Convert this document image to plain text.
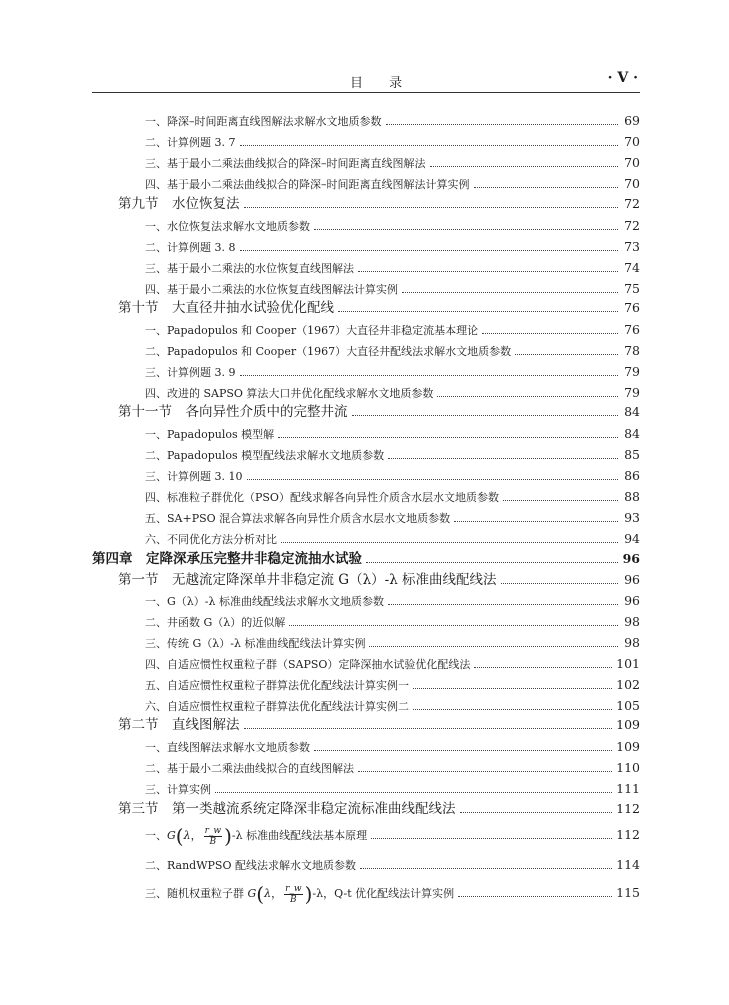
目 录	· V ·
一、降深–时间距离直线图解法求解水文地质参数	69
二、计算例题 3. 7	70
三、基于最小二乘法曲线拟合的降深–时间距离直线图解法	70
四、基于最小二乘法曲线拟合的降深–时间距离直线图解法计算实例	70
第九节　水位恢复法	72
一、水位恢复法求解水文地质参数	72
二、计算例题 3. 8	73
三、基于最小二乘法的水位恢复直线图解法	74
四、基于最小二乘法的水位恢复直线图解法计算实例	75
第十节　大直径井抽水试验优化配线	76
一、Papadopulos 和 Cooper（1967）大直径井非稳定流基本理论	76
二、Papadopulos 和 Cooper（1967）大直径井配线法求解水文地质参数	78
三、计算例题 3. 9	79
四、改进的 SAPSO 算法大口井优化配线求解水文地质参数	79
第十一节　各向异性介质中的完整井流	84
一、Papadopulos 模型解	84
二、Papadopulos 模型配线法求解水文地质参数	85
三、计算例题 3. 10	86
四、标准粒子群优化（PSO）配线求解各向异性介质含水层水文地质参数	88
五、SA+PSO 混合算法求解各向异性介质含水层水文地质参数	93
六、不同优化方法分析对比	94
第四章　定降深承压完整井非稳定流抽水试验	96
第一节　无越流定降深单井非稳定流 G（λ）-λ 标准曲线配线法	96
一、G（λ）-λ 标准曲线配线法求解水文地质参数	96
二、井函数 G（λ）的近似解	98
三、传统 G（λ）-λ 标准曲线配线法计算实例	98
四、自适应惯性权重粒子群（SAPSO）定降深抽水试验优化配线法	101
五、自适应惯性权重粒子群算法优化配线法计算实例一	102
六、自适应惯性权重粒子群算法优化配线法计算实例二	105
第二节　直线图解法	109
一、直线图解法求解水文地质参数	109
二、基于最小二乘法曲线拟合的直线图解法	110
三、计算实例	111
第三节　第一类越流系统定降深非稳定流标准曲线配线法	112
一、G(λ， $\frac{r\_w}{B} )-\lambda$ 标准曲线配线法基本原理	112
二、RandWPSO 配线法求解水文地质参数	114
三、随机权重粒子群 G(λ， $\frac{r\_w}{B} )-\lambda$，Q-t 优化配线法计算实例	115
